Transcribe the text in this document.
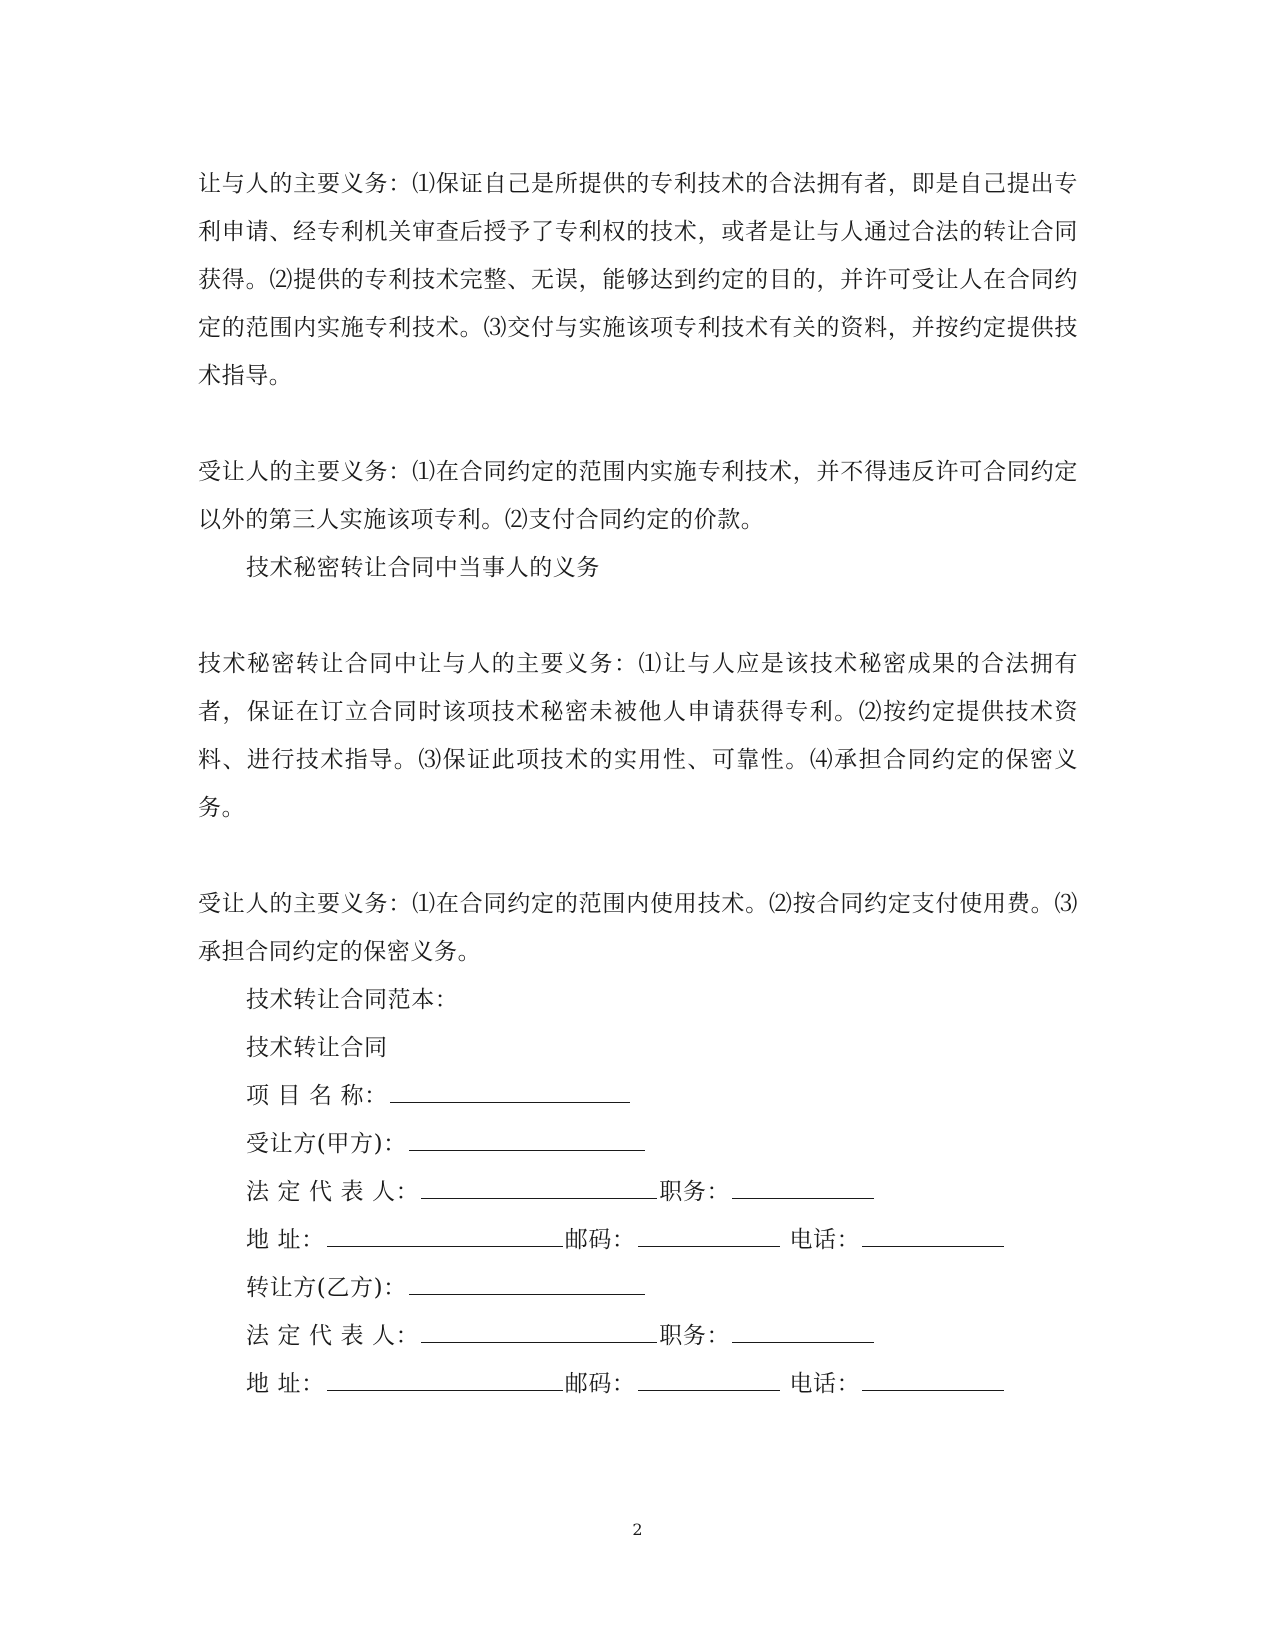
让与人的主要义务：⑴保证自己是所提供的专利技术的合法拥有者，即是自己提出专利申请、经专利机关审查后授予了专利权的技术，或者是让与人通过合法的转让合同获得。⑵提供的专利技术完整、无误，能够达到约定的目的，并许可受让人在合同约定的范围内实施专利技术。⑶交付与实施该项专利技术有关的资料，并按约定提供技术指导。

受让人的主要义务：⑴在合同约定的范围内实施专利技术，并不得违反许可合同约定以外的第三人实施该项专利。⑵支付合同约定的价款。

技术秘密转让合同中当事人的义务

技术秘密转让合同中让与人的主要义务：⑴让与人应是该技术秘密成果的合法拥有者，保证在订立合同时该项技术秘密未被他人申请获得专利。⑵按约定提供技术资料、进行技术指导。⑶保证此项技术的实用性、可靠性。⑷承担合同约定的保密义务。

受让人的主要义务：⑴在合同约定的范围内使用技术。⑵按合同约定支付使用费。⑶承担合同约定的保密义务。

技术转让合同范本：

技术转让合同

项 目 名 称：

受让方(甲方)：

法 定 代 表 人：	职务：

地 址：	邮码：	电话：

转让方(乙方)：

法 定 代 表 人：	职务：

地 址：	邮码：	电话：

2
